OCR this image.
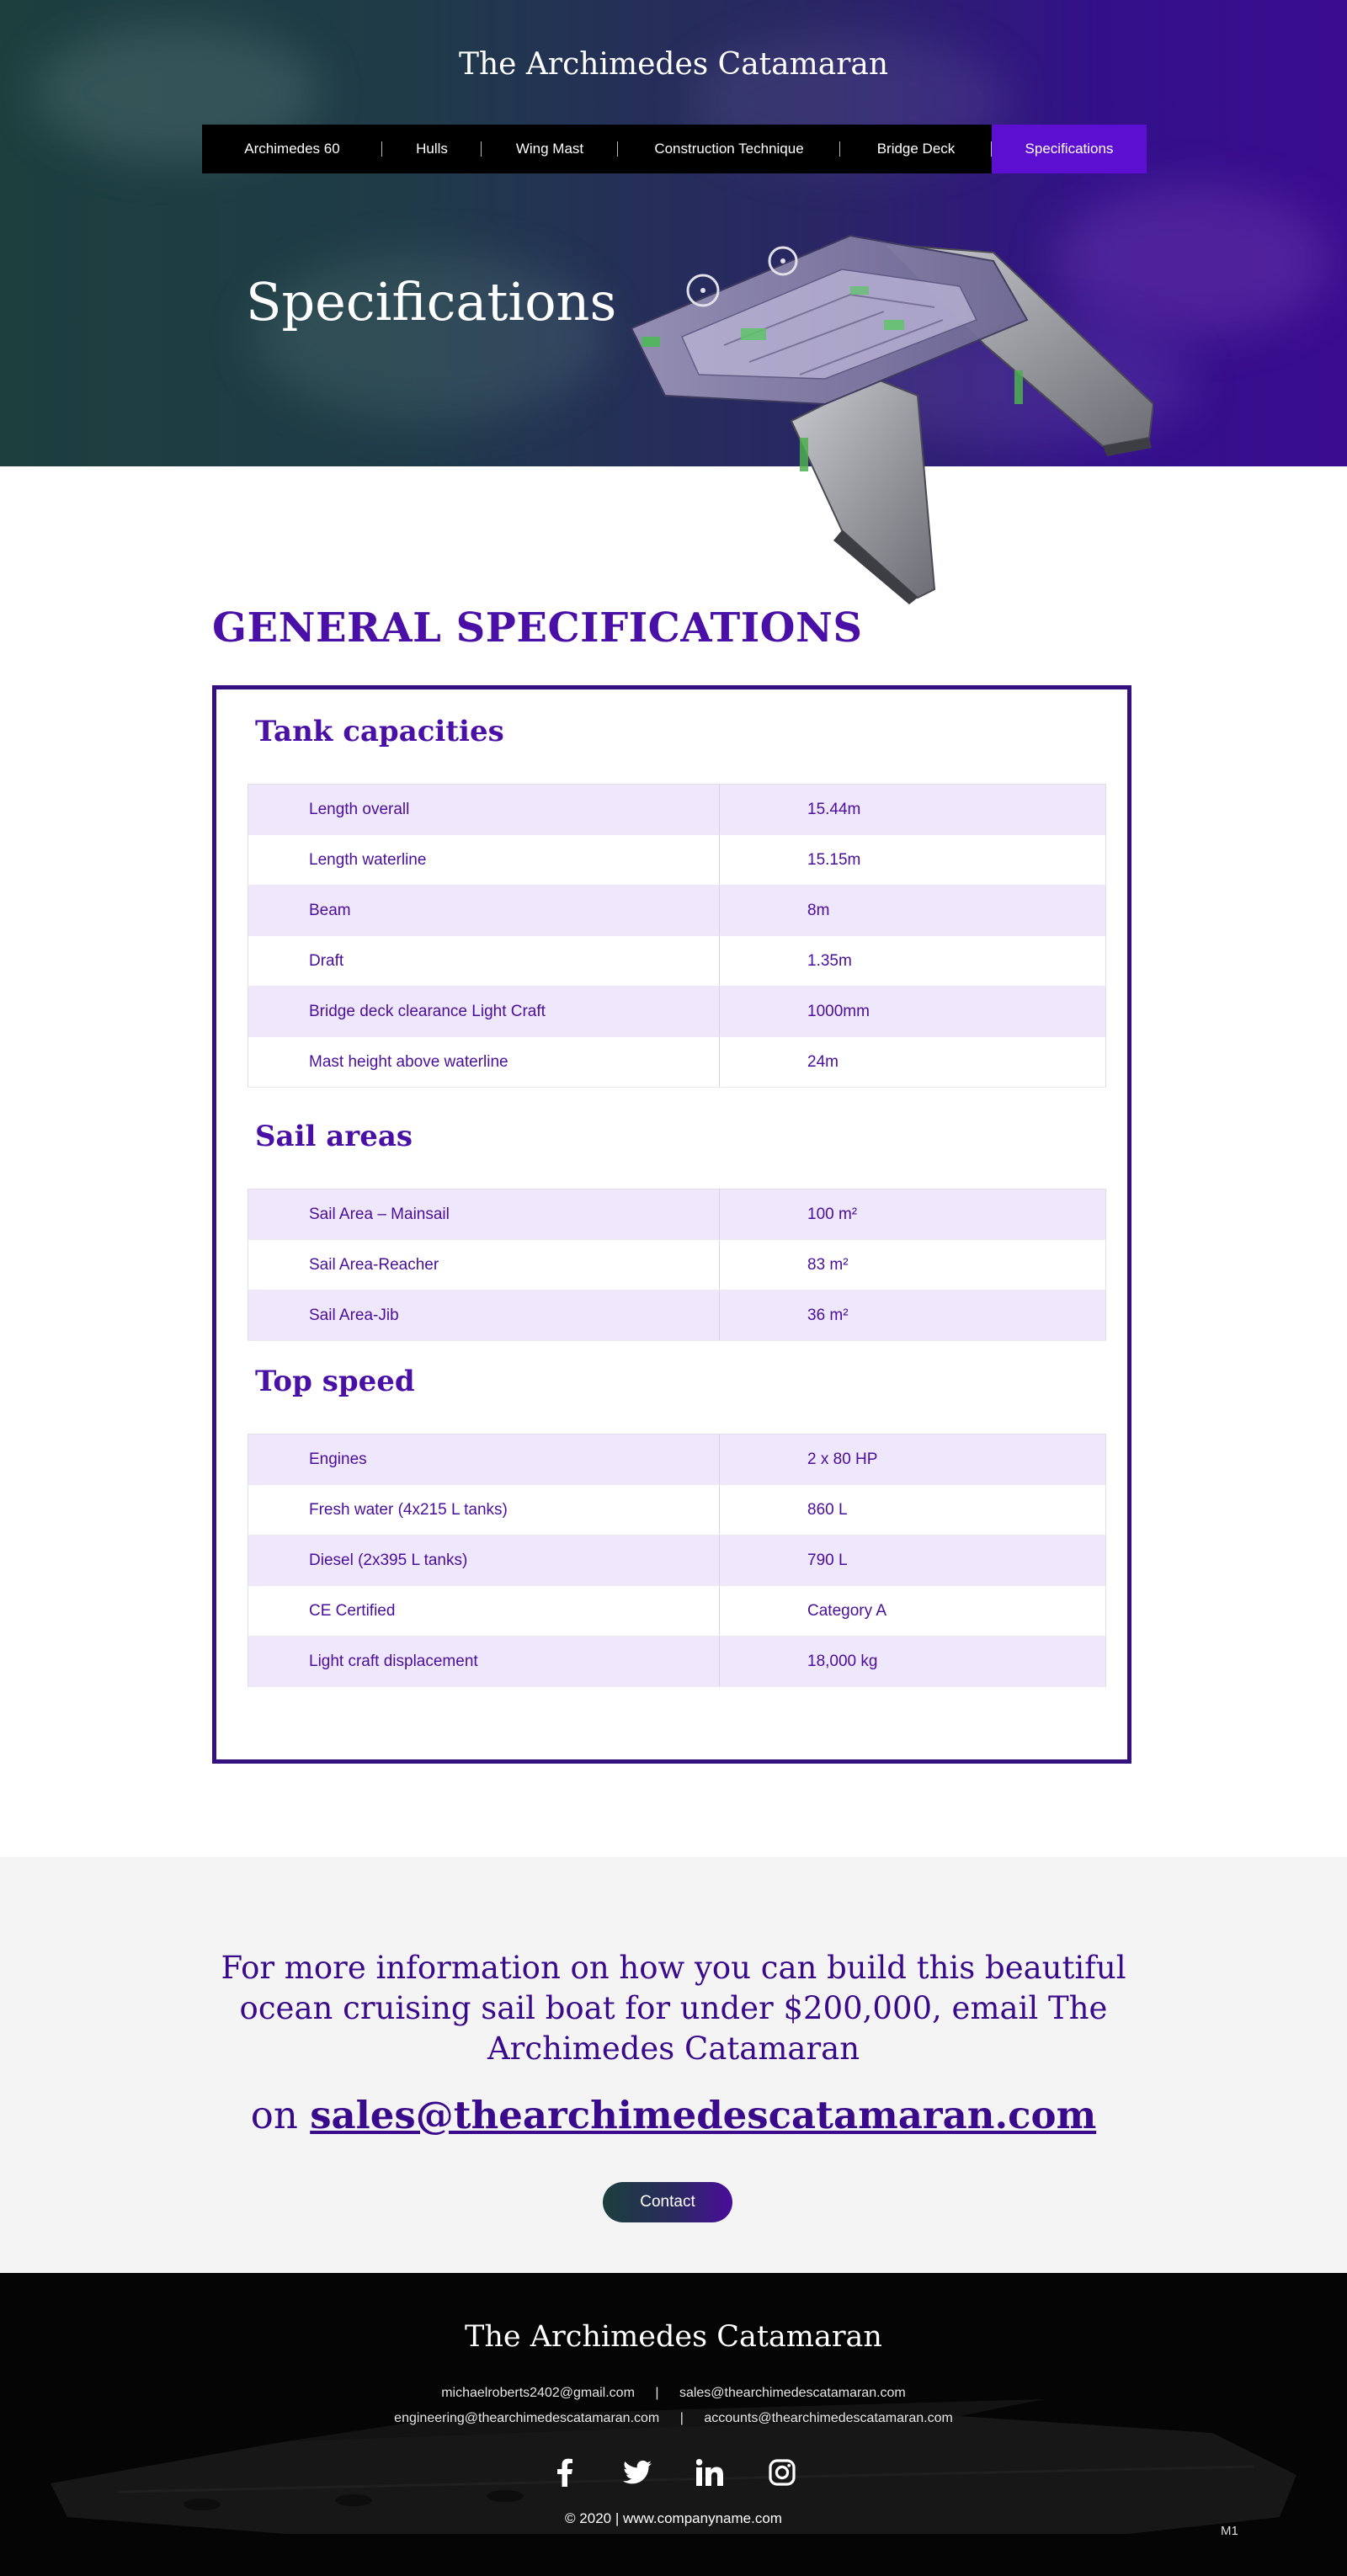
The Archimedes Catamaran
Archimedes 60	Hulls	Wing Mast	Construction Technique	Bridge Deck	Specifications
Specifications
GENERAL SPECIFICATIONS
Tank capacities
Length overall	15.44m
Length waterline	15.15m
Beam	8m
Draft	1.35m
Bridge deck clearance Light Craft	1000mm
Mast height above waterline	24m
Sail areas
Sail Area – Mainsail	100 m²
Sail Area-Reacher	83 m²
Sail Area-Jib	36 m²
Top speed
Engines	2 x 80 HP
Fresh water (4x215 L tanks)	860 L
Diesel (2x395 L tanks)	790 L
CE Certified	Category A
Light craft displacement	18,000 kg

For more information on how you can build this beautiful ocean cruising sail boat for under $200,000, email The Archimedes Catamaran

on sales@thearchimedescatamaran.com

Contact
The Archimedes Catamaran
michaelroberts2402@gmail.com | sales@thearchimedescatamaran.com
engineering@thearchimedescatamaran.com | accounts@thearchimedescatamaran.com
© 2020 | www.companyname.com
M1
